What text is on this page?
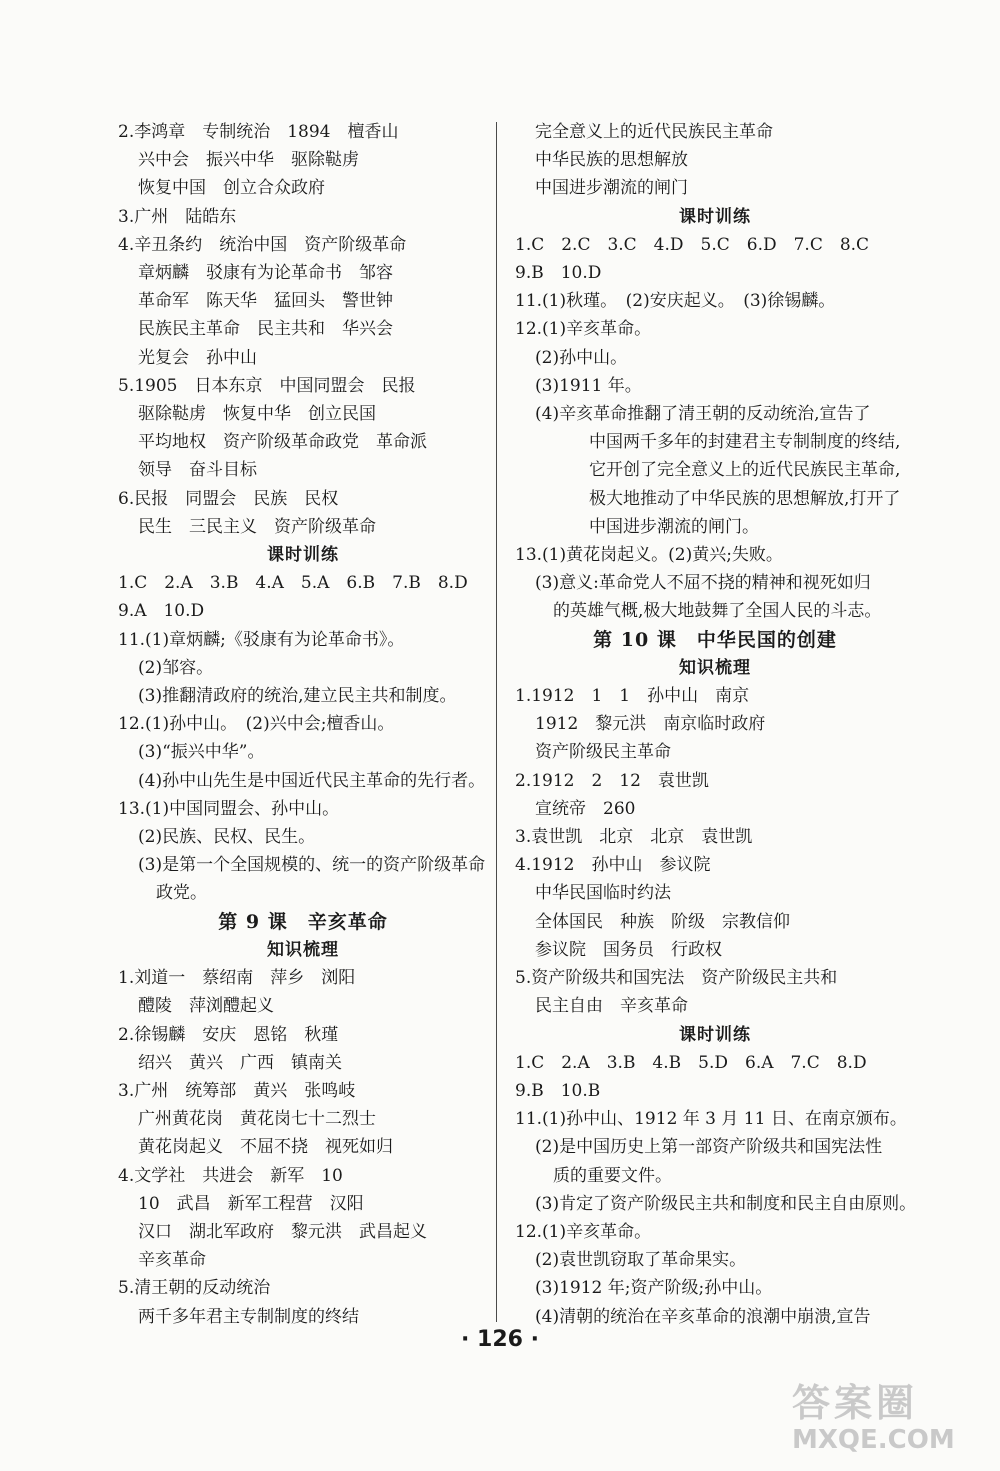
2.李鸿章　专制统治　1894　檀香山
兴中会　振兴中华　驱除鞑虏
恢复中国　创立合众政府
3.广州　陆皓东
4.辛丑条约　统治中国　资产阶级革命
章炳麟　驳康有为论革命书　邹容
革命军　陈天华　猛回头　警世钟
民族民主革命　民主共和　华兴会
光复会　孙中山
5.1905　日本东京　中国同盟会　民报
驱除鞑虏　恢复中华　创立民国
平均地权　资产阶级革命政党　革命派
领导　奋斗目标
6.民报　同盟会　民族　民权
民生　三民主义　资产阶级革命
课时训练
1.C　2.A　3.B　4.A　5.A　6.B　7.B　8.D
9.A　10.D
11.(1)章炳麟;《驳康有为论革命书》。
(2)邹容。
(3)推翻清政府的统治,建立民主共和制度。
12.(1)孙中山。　(2)兴中会;檀香山。
(3)“振兴中华”。
(4)孙中山先生是中国近代民主革命的先行者。
13.(1)中国同盟会、孙中山。
(2)民族、民权、民生。
(3)是第一个全国规模的、统一的资产阶级革命
政党。
第 9 课　辛亥革命
知识梳理
1.刘道一　蔡绍南　萍乡　浏阳
醴陵　萍浏醴起义
2.徐锡麟　安庆　恩铭　秋瑾
绍兴　黄兴　广西　镇南关
3.广州　统筹部　黄兴　张鸣岐
广州黄花岗　黄花岗七十二烈士
黄花岗起义　不屈不挠　视死如归
4.文学社　共进会　新军　10
10　武昌　新军工程营　汉阳
汉口　湖北军政府　黎元洪　武昌起义
辛亥革命
5.清王朝的反动统治
两千多年君主专制制度的终结
完全意义上的近代民族民主革命
中华民族的思想解放
中国进步潮流的闸门
课时训练
1.C　2.C　3.C　4.D　5.C　6.D　7.C　8.C
9.B　10.D
11.(1)秋瑾。　(2)安庆起义。　(3)徐锡麟。
12.(1)辛亥革命。
(2)孙中山。
(3)1911 年。
(4)辛亥革命推翻了清王朝的反动统治,宣告了
中国两千多年的封建君主专制制度的终结,
它开创了完全意义上的近代民族民主革命,
极大地推动了中华民族的思想解放,打开了
中国进步潮流的闸门。
13.(1)黄花岗起义。(2)黄兴;失败。
(3)意义:革命党人不屈不挠的精神和视死如归
的英雄气概,极大地鼓舞了全国人民的斗志。
第 10 课　中华民国的创建
知识梳理
1.1912　1　1　孙中山　南京
1912　黎元洪　南京临时政府
资产阶级民主革命
2.1912　2　12　袁世凯
宣统帝　260
3.袁世凯　北京　北京　袁世凯
4.1912　孙中山　参议院
中华民国临时约法
全体国民　种族　阶级　宗教信仰
参议院　国务员　行政权
5.资产阶级共和国宪法　资产阶级民主共和
民主自由　辛亥革命
课时训练
1.C　2.A　3.B　4.B　5.D　6.A　7.C　8.D
9.B　10.B
11.(1)孙中山、1912 年 3 月 11 日、在南京颁布。
(2)是中国历史上第一部资产阶级共和国宪法性
质的重要文件。
(3)肯定了资产阶级民主共和制度和民主自由原则。
12.(1)辛亥革命。
(2)袁世凯窃取了革命果实。
(3)1912 年;资产阶级;孙中山。
(4)清朝的统治在辛亥革命的浪潮中崩溃,宣告
· 126 ·
答案圈
MXQE.COM
